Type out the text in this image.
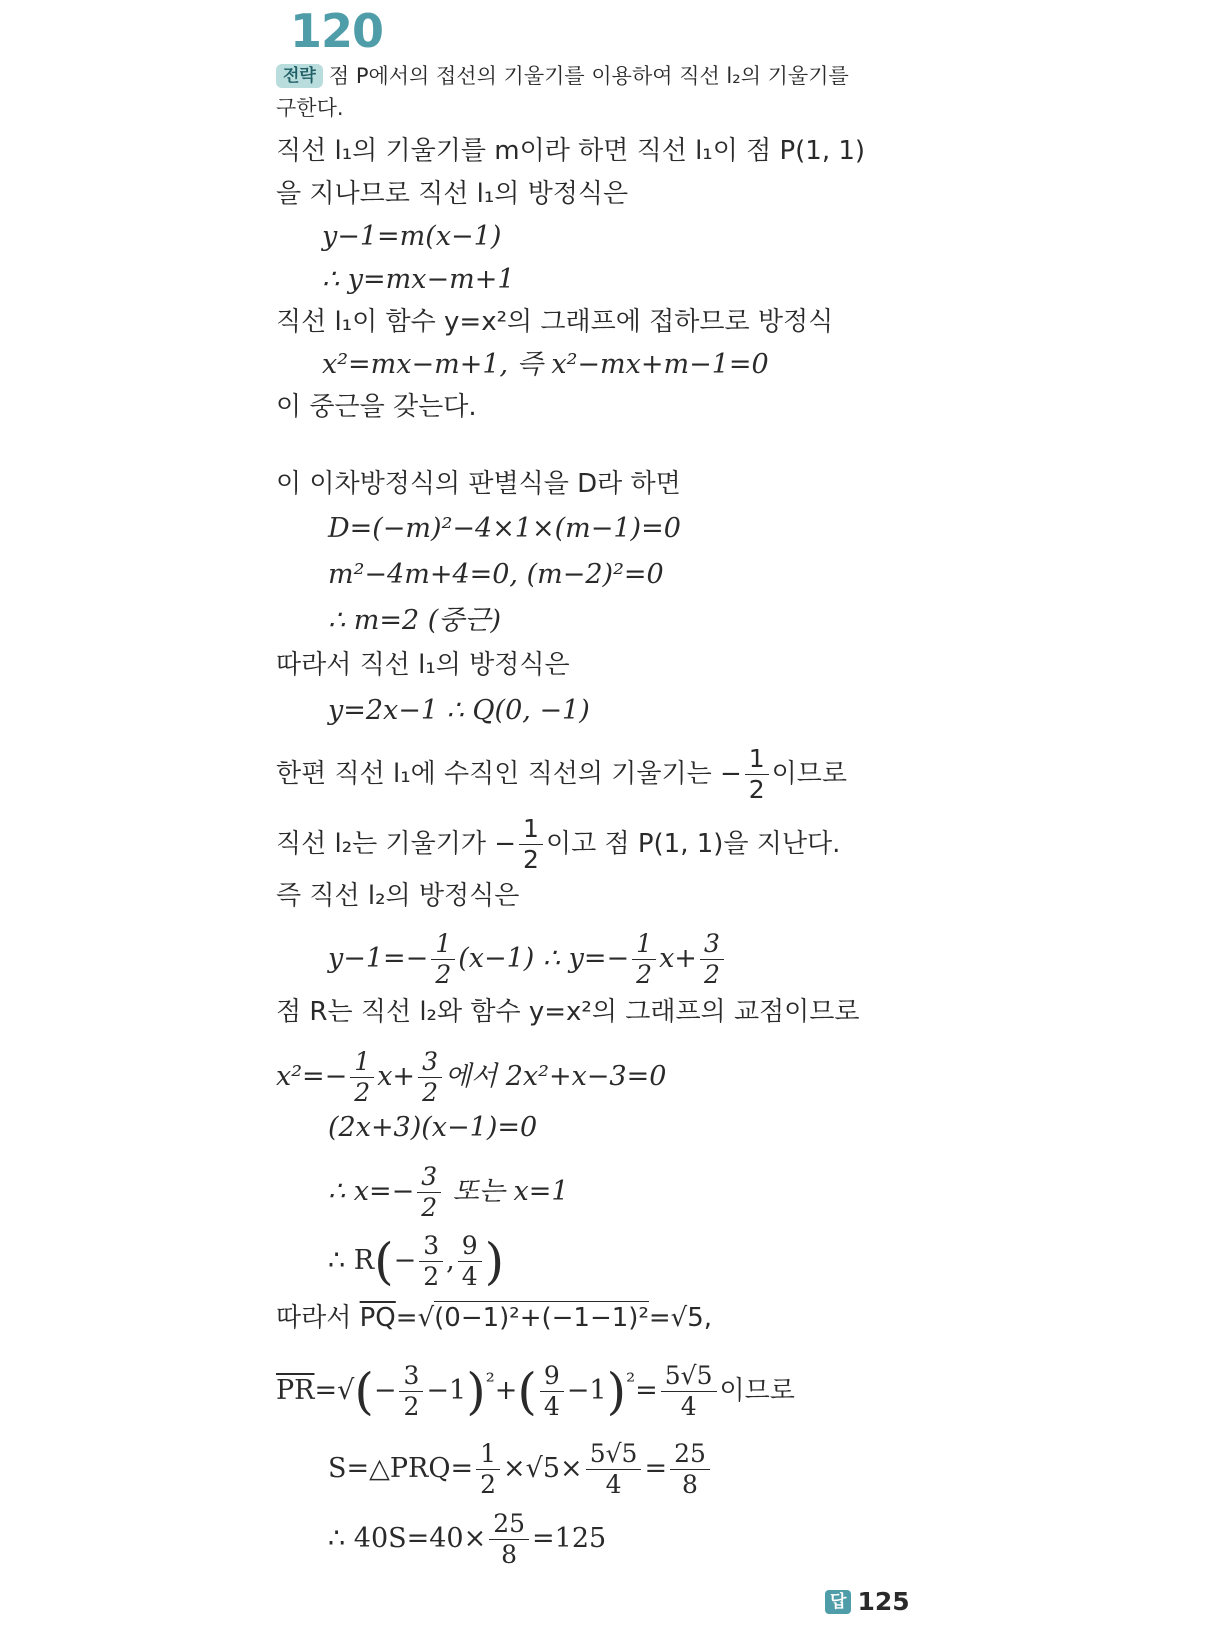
120
전략 점 P에서의 접선의 기울기를 이용하여 직선 l₂의 기울기를
구한다.
직선 l₁의 기울기를 m이라 하면 직선 l₁이 점 P(1, 1)
을 지나므로 직선 l₁의 방정식은
y−1=m(x−1)
∴ y=mx−m+1
직선 l₁이 함수 y=x²의 그래프에 접하므로 방정식
x²=mx−m+1, 즉 x²−mx+m−1=0
이 중근을 갖는다.
이 이차방정식의 판별식을 D라 하면
D=(−m)²−4×1×(m−1)=0
m²−4m+4=0, (m−2)²=0
∴ m=2 (중근)
따라서 직선 l₁의 방정식은
y=2x−1 ∴ Q(0, −1)
한편 직선 l₁에 수직인 직선의 기울기는 − $\frac{1}{2}$ 이므로
직선 l₂는 기울기가 − $\frac{1}{2}$ 이고 점 P(1, 1)을 지난다.
즉 직선 l₂의 방정식은
$y-1=- \frac{1}{2} (x-1)$ ∴ $y=- \frac{1}{2} x+ \frac{3}{2}$
점 R는 직선 l₂와 함수 y=x²의 그래프의 교점이므로
$x^2=- \frac{1}{2} x+ \frac{3}{2}$ 에서 2x²+x−3=0
(2x+3)(x−1)=0
∴ $x=- \frac{3}{2}$ 또는 x=1
∴ $R(- \frac{3}{2}$ , $\frac{9}{4}$ )
따라서 $\overline{PQ}=√(0-1)^2+(-1-1)^2=√5$,
$\overline{PR}=√(- \frac{3}{2} -1)^{^2}+( \frac{9}{4} -1)^{^2}= \frac{5√5}{4}$ 이므로
S=△PRQ= $\frac{1}{2} \times√5\times \frac{5√5}{4} = \frac{25}{8}$
∴ $40S=40\times \frac{25}{8} =125$
답 125
